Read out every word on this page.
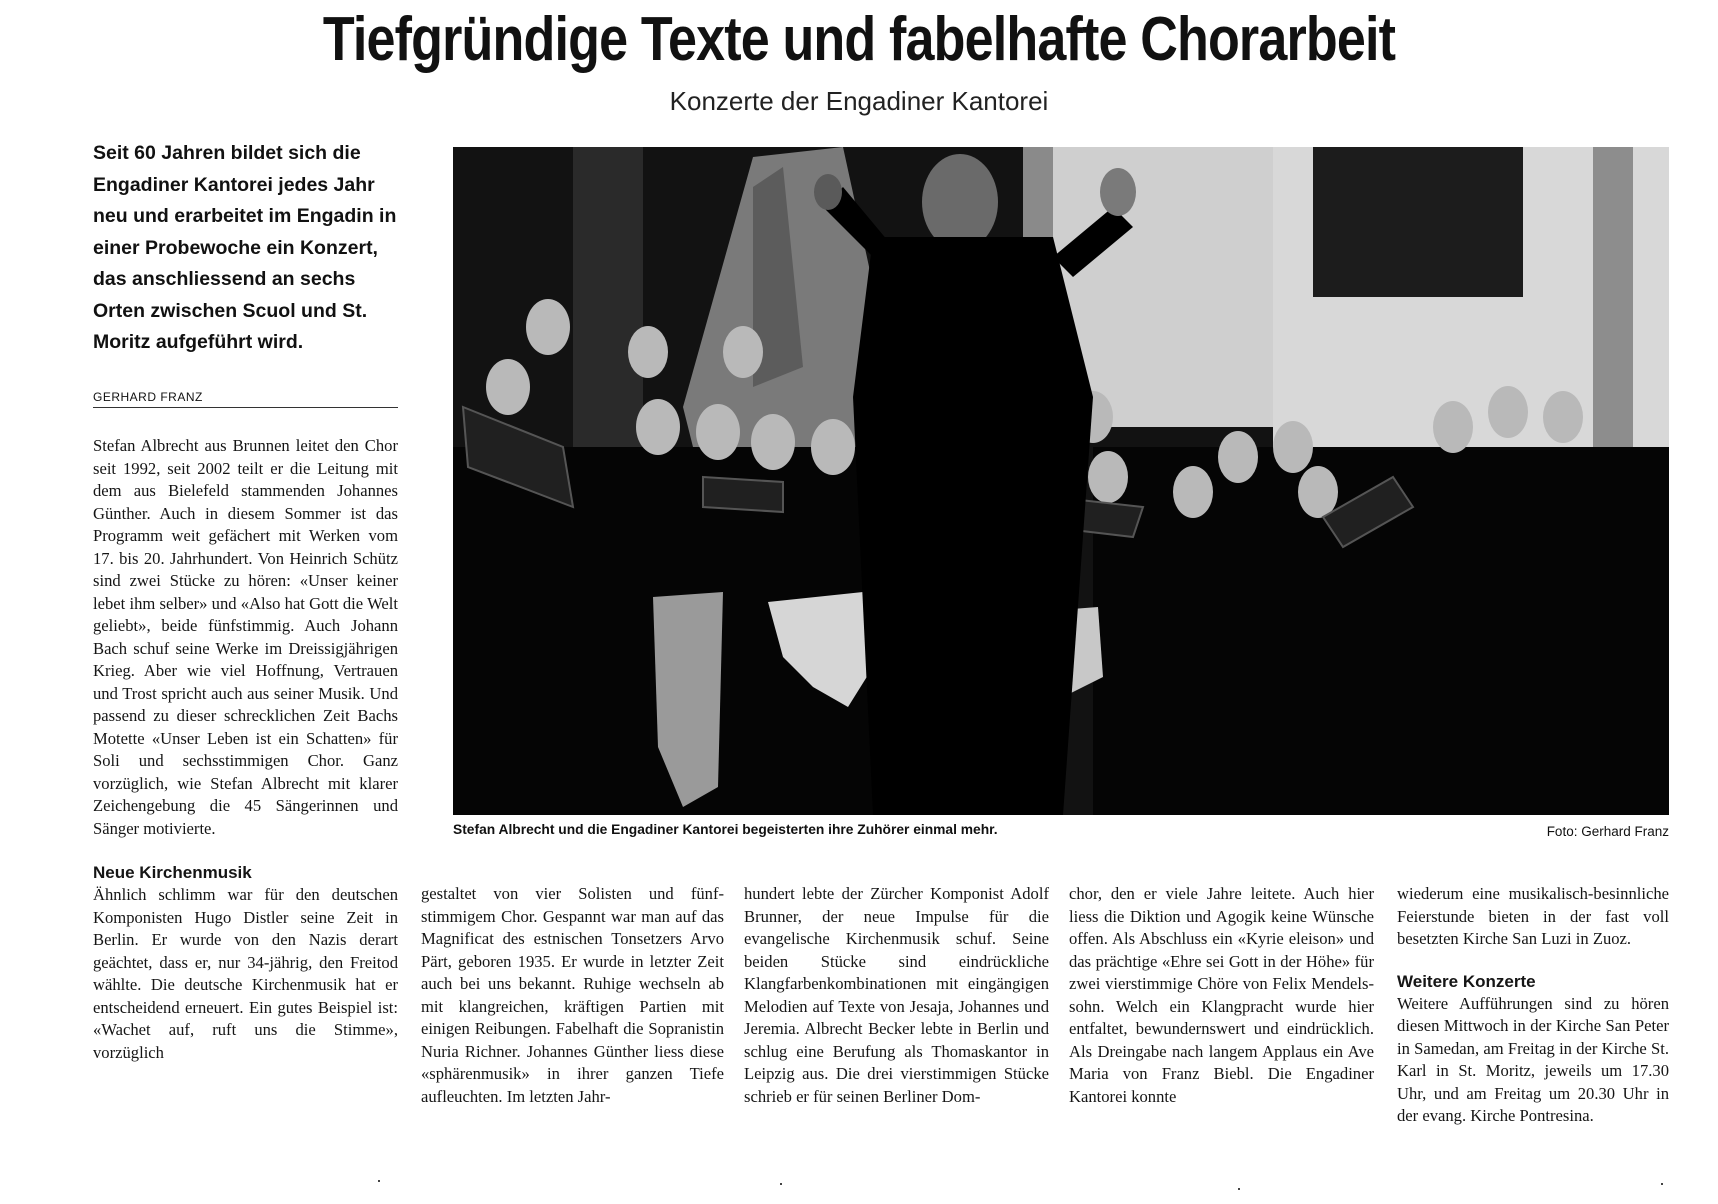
Tiefgründige Texte und fabelhafte Chorarbeit
Konzerte der Engadiner Kantorei
Seit 60 Jahren bildet sich die Engadiner Kantorei jedes Jahr neu und erarbeitet im Engadin in einer Probewoche ein Konzert, das anschliessend an sechs Orten zwischen Scuol und St. Moritz aufgeführt wird.
GERHARD FRANZ

Stefan Albrecht aus Brunnen leitet den Chor seit 1992, seit 2002 teilt er die Leitung mit dem aus Bielefeld stammenden Johannes Günther. Auch in diesem Sommer ist das Programm weit gefächert mit Werken vom 17. bis 20. Jahrhundert. Von Heinrich Schütz sind zwei Stücke zu hören: «Unser keiner lebet ihm selber» und «Also hat Gott die Welt geliebt», beide fünfstimmig. Auch Johann Bach schuf seine Werke im Dreissigjährigen Krieg. Aber wie viel Hoffnung, Vertrauen und Trost spricht auch aus seiner Musik. Und passend zu dieser schrecklichen Zeit Bachs Motette «Unser Leben ist ein Schatten» für Soli und sechsstimmigen Chor. Ganz vorzüglich, wie Stefan Albrecht mit klarer Zeichengebung die 45 Sängerinnen und Sänger motivierte.

Neue Kirchenmusik

Ähnlich schlimm war für den deutschen Komponisten Hugo Distler seine Zeit in Berlin. Er wurde von den Nazis derart geächtet, dass er, nur 34-jährig, den Freitod wählte. Die deutsche Kirchenmusik hat er entscheidend erneuert. Ein gutes Beispiel ist: «Wachet auf, ruft uns die Stimme», vorzüglich

Stefan Albrecht und die Engadiner Kantorei begeisterten ihre Zuhörer einmal mehr.	Foto: Gerhard Franz

gestaltet von vier Solisten und fünfstimmigem Chor. Gespannt war man auf das Magnificat des estnischen Tonsetzers Arvo Pärt, geboren 1935. Er wurde in letzter Zeit auch bei uns bekannt. Ruhige wechseln ab mit klangreichen, kräftigen Partien mit einigen Reibungen. Fabelhaft die Sopranistin Nuria Richner. Johannes Günther liess diese «sphärenmusik» in ihrer ganzen Tiefe aufleuchten. Im letzten Jahr-

hundert lebte der Zürcher Komponist Adolf Brunner, der neue Impulse für die evangelische Kirchenmusik schuf. Seine beiden Stücke sind eindrückliche Klangfarbenkombinationen mit eingängigen Melodien auf Texte von Jesaja, Johannes und Jeremia. Albrecht Becker lebte in Berlin und schlug eine Berufung als Thomaskantor in Leipzig aus. Die drei vierstimmigen Stücke schrieb er für seinen Berliner Dom-

chor, den er viele Jahre leitete. Auch hier liess die Diktion und Agogik keine Wünsche offen. Als Abschluss ein «Kyrie eleison» und das prächtige «Ehre sei Gott in der Höhe» für zwei vierstimmige Chöre von Felix Mendelssohn. Welch ein Klangpracht wurde hier entfaltet, bewundernswert und eindrücklich. Als Dreingabe nach langem Applaus ein Ave Maria von Franz Biebl. Die Engadiner Kantorei konnte

wiederum eine musikalisch-besinnliche Feierstunde bieten in der fast voll besetzten Kirche San Luzi in Zuoz.

Weitere Konzerte

Weitere Aufführungen sind zu hören diesen Mittwoch in der Kirche San Peter in Samedan, am Freitag in der Kirche St. Karl in St. Moritz, jeweils um 17.30 Uhr, und am Freitag um 20.30 Uhr in der evang. Kirche Pontresina.
